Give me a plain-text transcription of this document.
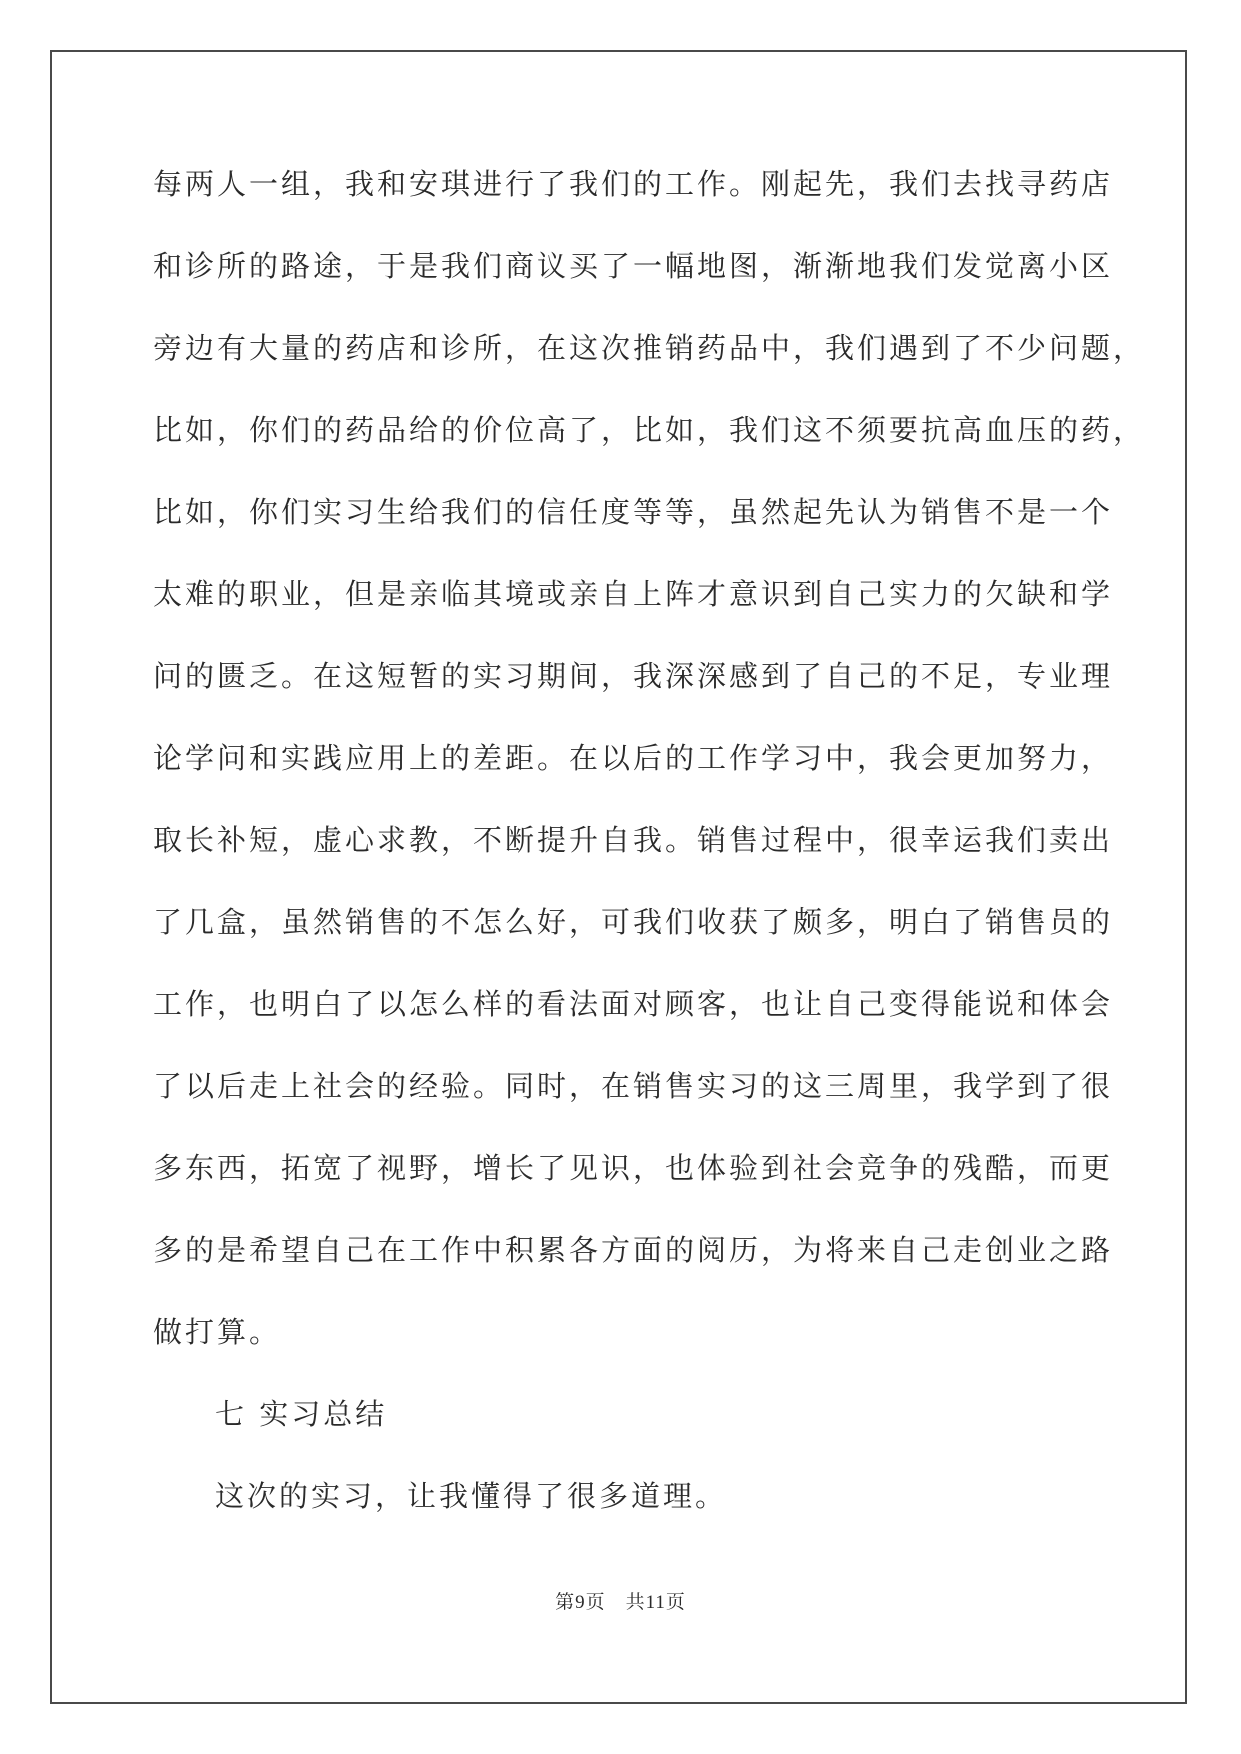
每两人一组，我和安琪进行了我们的工作。刚起先，我们去找寻药店
和诊所的路途，于是我们商议买了一幅地图，渐渐地我们发觉离小区
旁边有大量的药店和诊所，在这次推销药品中，我们遇到了不少问题，
比如，你们的药品给的价位高了，比如，我们这不须要抗高血压的药，
比如，你们实习生给我们的信任度等等，虽然起先认为销售不是一个
太难的职业，但是亲临其境或亲自上阵才意识到自己实力的欠缺和学
问的匮乏。在这短暂的实习期间，我深深感到了自己的不足，专业理
论学问和实践应用上的差距。在以后的工作学习中，我会更加努力，
取长补短，虚心求教，不断提升自我。销售过程中，很幸运我们卖出
了几盒，虽然销售的不怎么好，可我们收获了颇多，明白了销售员的
工作，也明白了以怎么样的看法面对顾客，也让自己变得能说和体会
了以后走上社会的经验。同时，在销售实习的这三周里，我学到了很
多东西，拓宽了视野，增长了见识，也体验到社会竞争的残酷，而更
多的是希望自己在工作中积累各方面的阅历，为将来自己走创业之路
做打算。
七 实习总结
这次的实习，让我懂得了很多道理。
第9页　共11页
